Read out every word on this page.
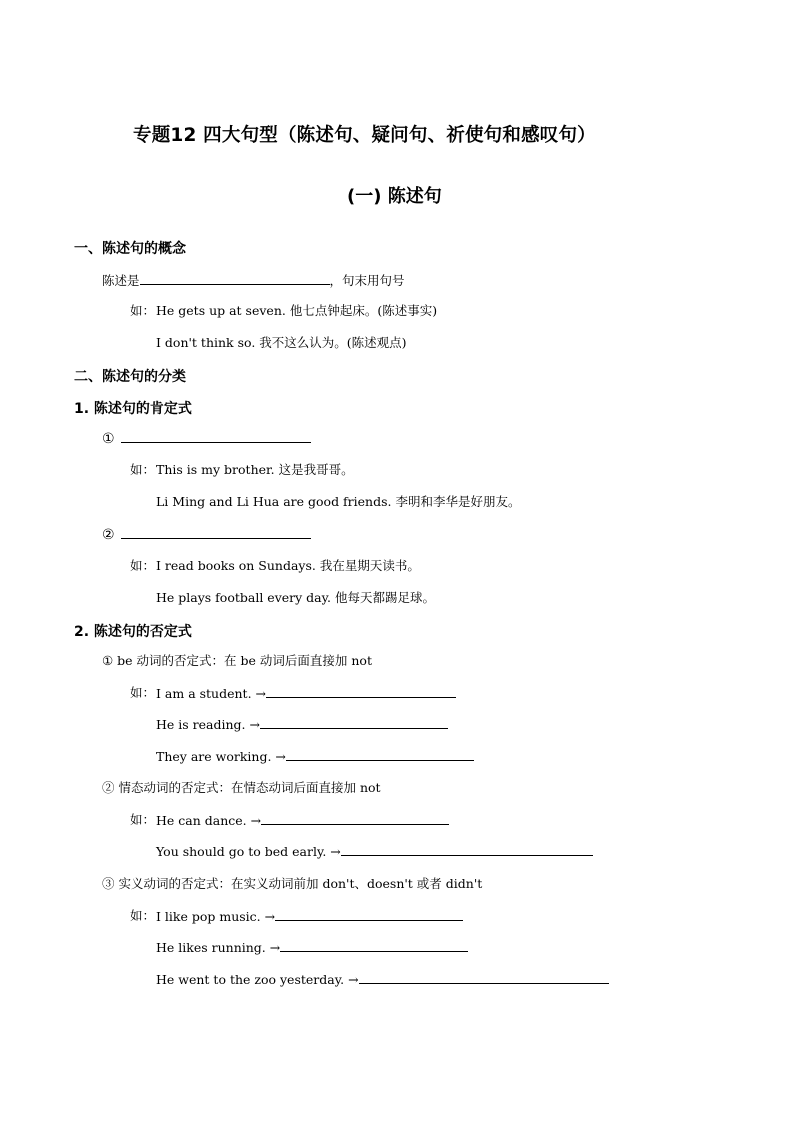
专题12 四大句型（陈述句、疑问句、祈使句和感叹句）
(一) 陈述句
一、陈述句的概念
陈述是	，句末用句号
如： He gets up at seven. 他七点钟起床。(陈述事实)
I don't think so. 我不这么认为。(陈述观点)
二、陈述句的分类
1. 陈述句的肯定式
①
如： This is my brother. 这是我哥哥。
Li Ming and Li Hua are good friends. 李明和李华是好朋友。
②
如： I read books on Sundays. 我在星期天读书。
He plays football every day. 他每天都踢足球。
2. 陈述句的否定式
① be 动词的否定式：在 be 动词后面直接加 not
如： I am a student. →
He is reading. →
They are working. →
② 情态动词的否定式：在情态动词后面直接加 not
如： He can dance. →
You should go to bed early. →
③ 实义动词的否定式：在实义动词前加 don't、doesn't 或者 didn't
如： I like pop music. →
He likes running. →
He went to the zoo yesterday. →
